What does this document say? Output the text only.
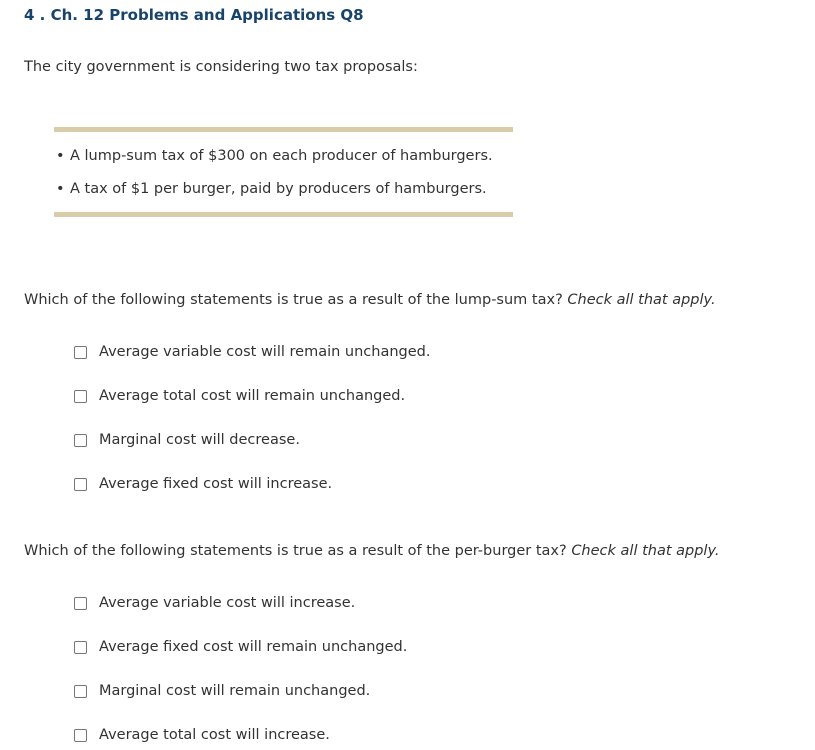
4 . Ch. 12 Problems and Applications Q8
The city government is considering two tax proposals:
• A lump-sum tax of $300 on each producer of hamburgers.
• A tax of $1 per burger, paid by producers of hamburgers.
Which of the following statements is true as a result of the lump-sum tax? Check all that apply.
Average variable cost will remain unchanged.
Average total cost will remain unchanged.
Marginal cost will decrease.
Average fixed cost will increase.
Which of the following statements is true as a result of the per-burger tax? Check all that apply.
Average variable cost will increase.
Average fixed cost will remain unchanged.
Marginal cost will remain unchanged.
Average total cost will increase.
